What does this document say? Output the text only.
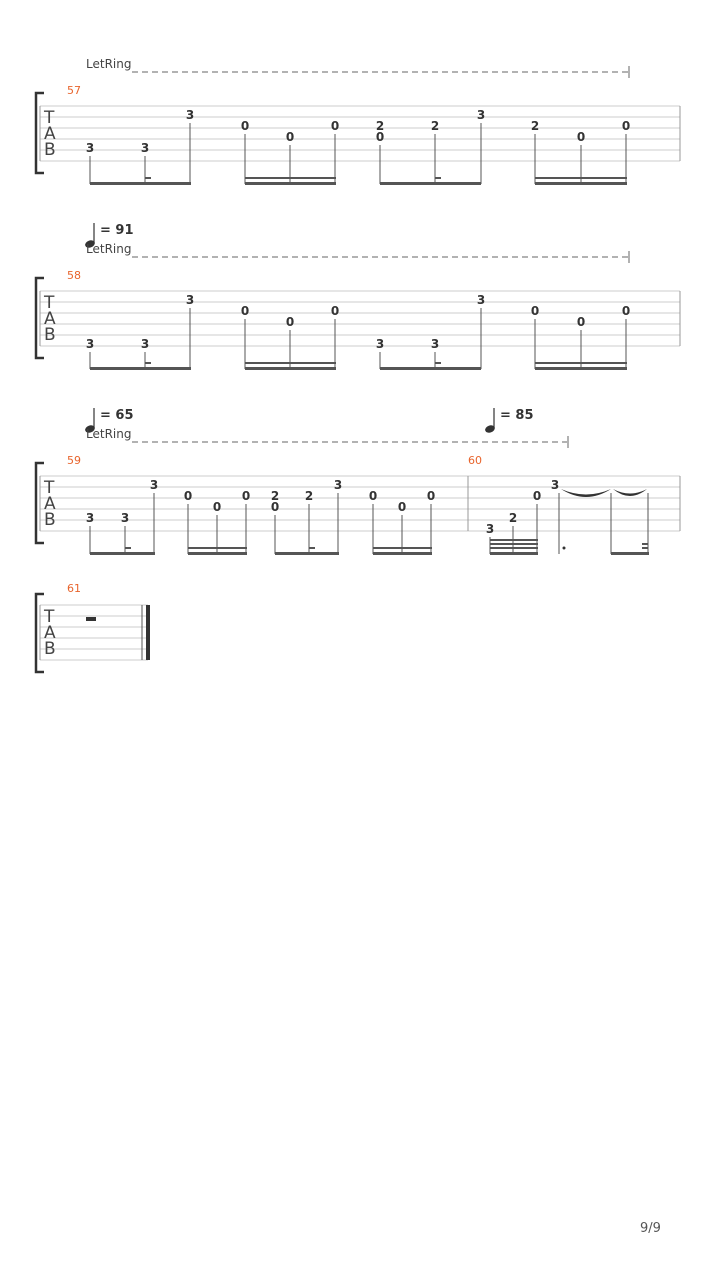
LetRing
T
A
B
57
3	3
3
0
0
0	2
0
2
3
2
0
0
= 91
LetRing
T
A
B
58
3	3
3
0
0
0
3	3
3
0
0
0
= 65	= 85
LetRing
T
A
B
59	60
3 3
3
0
0
0 2
0
2
3
0
0
0
3
2
0
3
T
A
B
61
9/9
